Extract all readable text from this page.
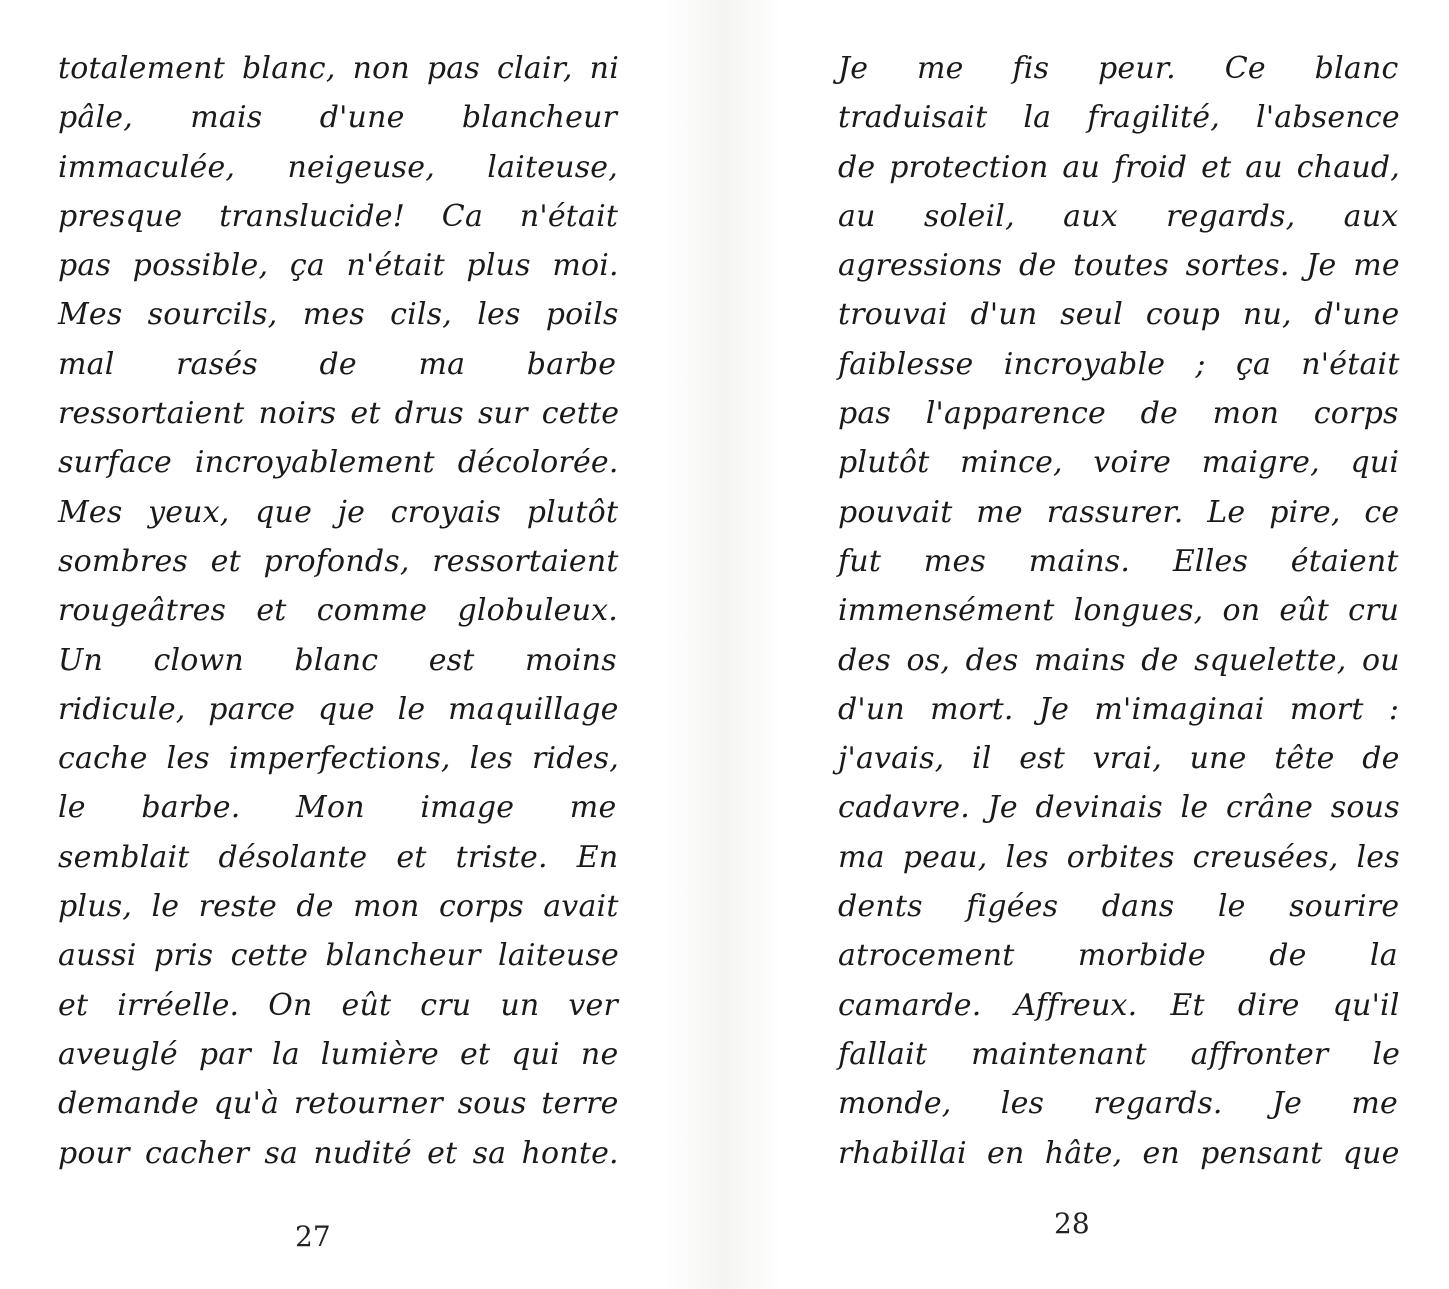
totalement blanc, non pas clair, ni
pâle, mais d'une blancheur
immaculée, neigeuse, laiteuse,
presque translucide! Ca n'était
pas possible, ça n'était plus moi.
Mes sourcils, mes cils, les poils
mal rasés de ma barbe
ressortaient noirs et drus sur cette
surface incroyablement décolorée.
Mes yeux, que je croyais plutôt
sombres et profonds, ressortaient
rougeâtres et comme globuleux.
Un clown blanc est moins
ridicule, parce que le maquillage
cache les imperfections, les rides,
le barbe. Mon image me
semblait désolante et triste. En
plus, le reste de mon corps avait
aussi pris cette blancheur laiteuse
et irréelle. On eût cru un ver
aveuglé par la lumière et qui ne
demande qu'à retourner sous terre
pour cacher sa nudité et sa honte.
27
Je me fis peur. Ce blanc
traduisait la fragilité, l'absence
de protection au froid et au chaud,
au soleil, aux regards, aux
agressions de toutes sortes. Je me
trouvai d'un seul coup nu, d'une
faiblesse incroyable ; ça n'était
pas l'apparence de mon corps
plutôt mince, voire maigre, qui
pouvait me rassurer. Le pire, ce
fut mes mains. Elles étaient
immensément longues, on eût cru
des os, des mains de squelette, ou
d'un mort. Je m'imaginai mort :
j'avais, il est vrai, une tête de
cadavre. Je devinais le crâne sous
ma peau, les orbites creusées, les
dents figées dans le sourire
atrocement morbide de la
camarde. Affreux. Et dire qu'il
fallait maintenant affronter le
monde, les regards. Je me
rhabillai en hâte, en pensant que
28
